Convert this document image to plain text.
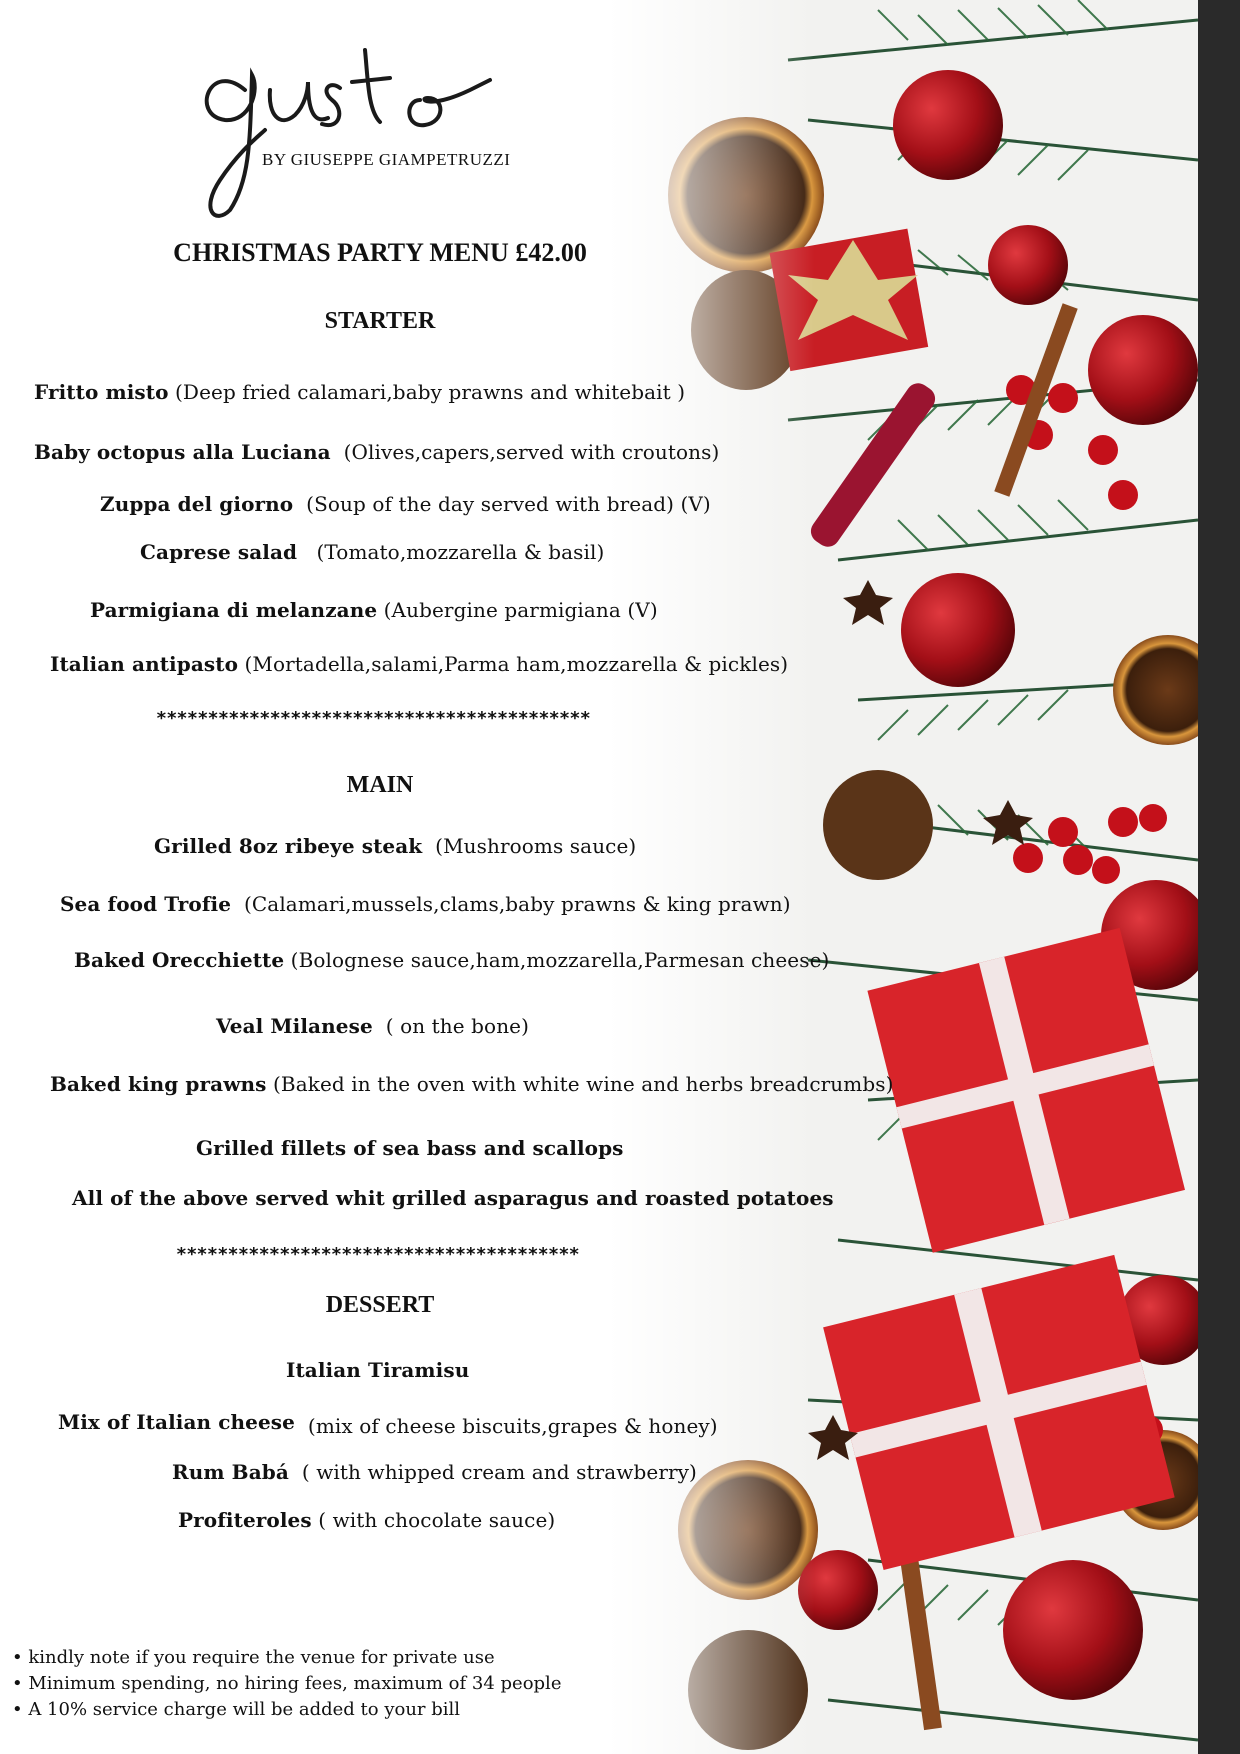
BY GIUSEPPE GIAMPETRUZZI
CHRISTMAS PARTY MENU £42.00
STARTER
Fritto misto (Deep fried calamari,baby prawns and whitebait )
Baby octopus alla Luciana (Olives,capers,served with croutons)
Zuppa del giorno (Soup of the day served with bread) (V)
Caprese salad (Tomato,mozzarella & basil)
Parmigiana di melanzane (Aubergine parmigiana (V)
Italian antipasto (Mortadella,salami,Parma ham,mozzarella & pickles)
******************************************
MAIN
Grilled 8oz ribeye steak (Mushrooms sauce)
Sea food Trofie (Calamari,mussels,clams,baby prawns & king prawn)
Baked Orecchiette (Bolognese sauce,ham,mozzarella,Parmesan cheese)
Veal Milanese ( on the bone)
Baked king prawns (Baked in the oven with white wine and herbs breadcrumbs)
Grilled fillets of sea bass and scallops
All of the above served whit grilled asparagus and roasted potatoes
***************************************
DESSERT
Italian Tiramisu
Mix of Italian cheese (mix of cheese biscuits,grapes & honey)
Rum Babá ( with whipped cream and strawberry)
Profiteroles ( with chocolate sauce)
• kindly note if you require the venue for private use
• Minimum spending, no hiring fees, maximum of 34 people
• A 10% service charge will be added to your bill
